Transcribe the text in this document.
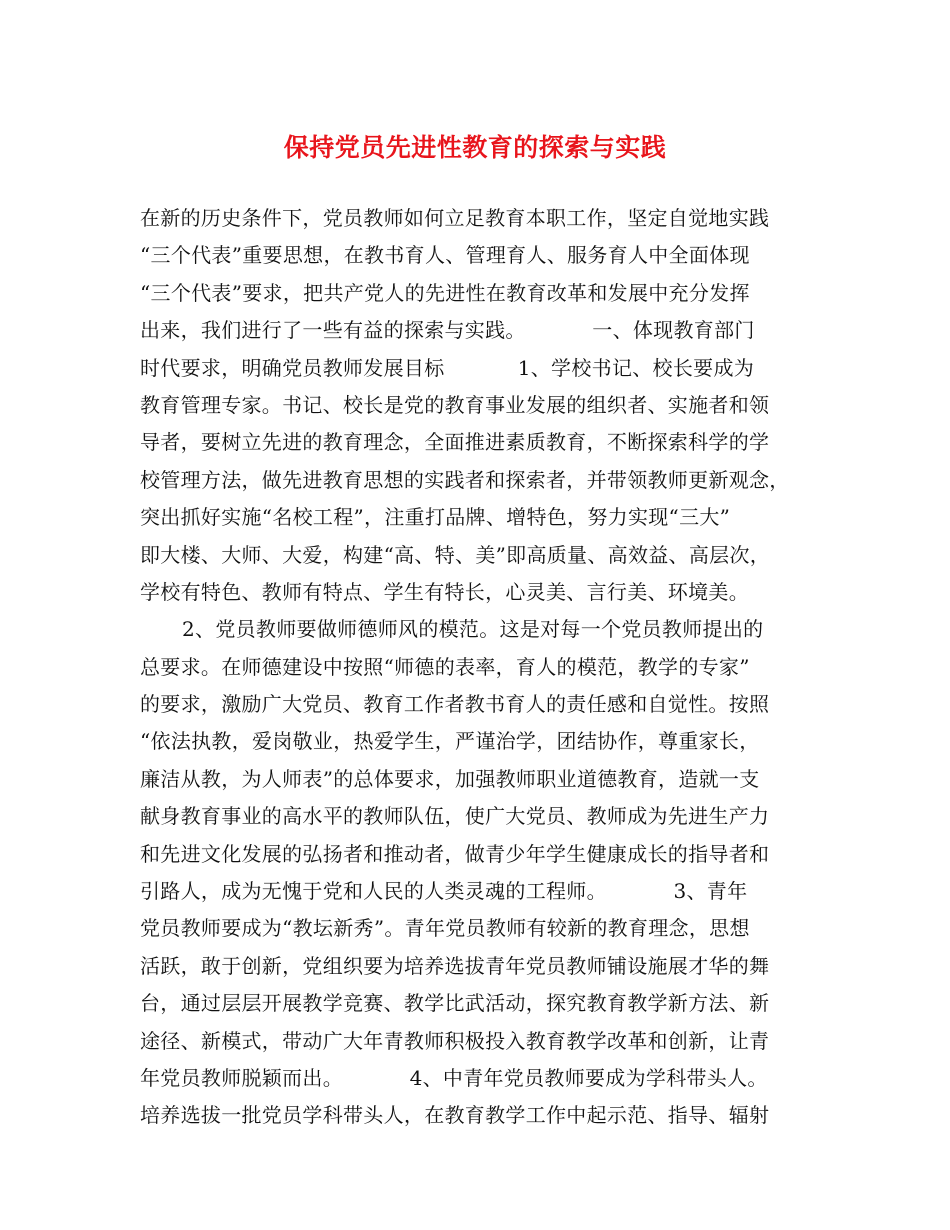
保持党员先进性教育的探索与实践
在新的历史条件下，党员教师如何立足教育本职工作，坚定自觉地实践
“三个代表”重要思想，在教书育人、管理育人、服务育人中全面体现
“三个代表”要求，把共产党人的先进性在教育改革和发展中充分发挥
出来，我们进行了一些有益的探索与实践。          一、体现教育部门
时代要求，明确党员教师发展目标           1、学校书记、校长要成为
教育管理专家。书记、校长是党的教育事业发展的组织者、实施者和领
导者，要树立先进的教育理念，全面推进素质教育，不断探索科学的学
校管理方法，做先进教育思想的实践者和探索者，并带领教师更新观念，
突出抓好实施“名校工程”，注重打品牌、增特色，努力实现“三大”
即大楼、大师、大爱，构建“高、特、美”即高质量、高效益、高层次，
学校有特色、教师有特点、学生有特长，心灵美、言行美、环境美。
2、党员教师要做师德师风的模范。这是对每一个党员教师提出的
总要求。在师德建设中按照“师德的表率，育人的模范，教学的专家”
的要求，激励广大党员、教育工作者教书育人的责任感和自觉性。按照
“依法执教，爱岗敬业，热爱学生，严谨治学，团结协作，尊重家长，
廉洁从教，为人师表”的总体要求，加强教师职业道德教育，造就一支
献身教育事业的高水平的教师队伍，使广大党员、教师成为先进生产力
和先进文化发展的弘扬者和推动者，做青少年学生健康成长的指导者和
引路人，成为无愧于党和人民的人类灵魂的工程师。          3、青年
党员教师要成为“教坛新秀”。青年党员教师有较新的教育理念，思想
活跃，敢于创新，党组织要为培养选拔青年党员教师铺设施展才华的舞
台，通过层层开展教学竞赛、教学比武活动，探究教育教学新方法、新
途径、新模式，带动广大年青教师积极投入教育教学改革和创新，让青
年党员教师脱颖而出。          4、中青年党员教师要成为学科带头人。
培养选拔一批党员学科带头人，在教育教学工作中起示范、指导、辐射
